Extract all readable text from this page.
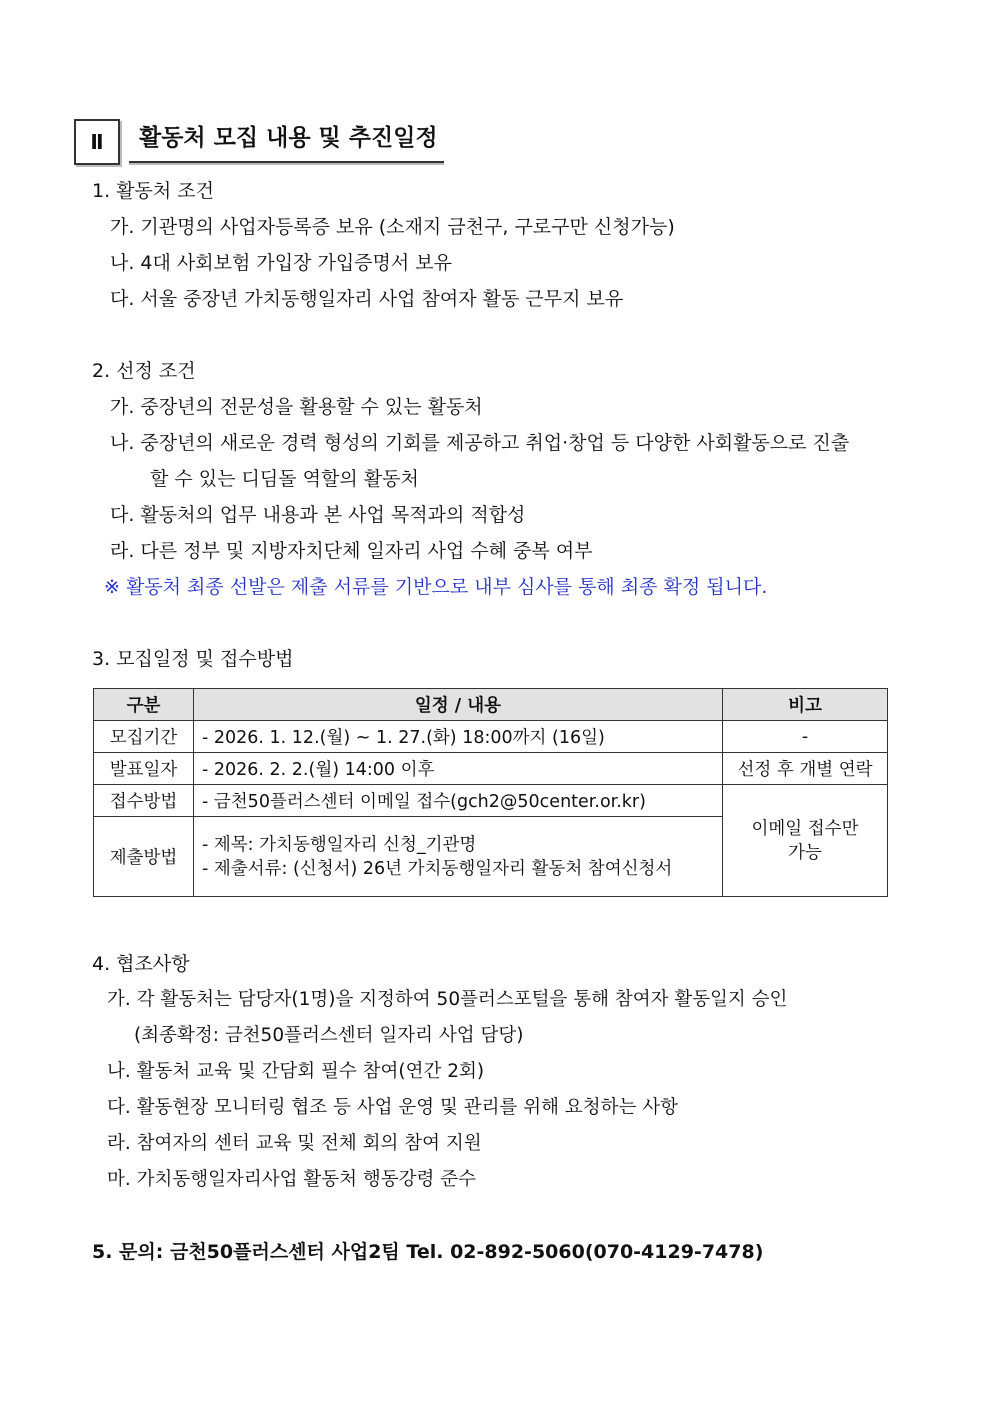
Ⅱ	활동처 모집 내용 및 추진일정
1. 활동처 조건
가. 기관명의 사업자등록증 보유 (소재지 금천구, 구로구만 신청가능)
나. 4대 사회보험 가입장 가입증명서 보유
다. 서울 중장년 가치동행일자리 사업 참여자 활동 근무지 보유
2. 선정 조건
가. 중장년의 전문성을 활용할 수 있는 활동처
나. 중장년의 새로운 경력 형성의 기회를 제공하고 취업·창업 등 다양한 사회활동으로 진출
할 수 있는 디딤돌 역할의 활동처
다. 활동처의 업무 내용과 본 사업 목적과의 적합성
라. 다른 정부 및 지방자치단체 일자리 사업 수혜 중복 여부
※ 활동처 최종 선발은 제출 서류를 기반으로 내부 심사를 통해 최종 확정 됩니다.
3. 모집일정 및 접수방법
구분	일정 / 내용	비고
모집기간	- 2026. 1. 12.(월) ~ 1. 27.(화) 18:00까지 (16일)	-
발표일자	- 2026. 2. 2.(월) 14:00 이후	선정 후 개별 연락
접수방법	- 금천50플러스센터 이메일 접수(gch2@50center.or.kr)	이메일 접수만
가능

제출방법	- 제목: 가치동행일자리 신청_기관명
- 제출서류: (신청서) 26년 가치동행일자리 활동처 참여신청서	
4. 협조사항
가. 각 활동처는 담당자(1명)을 지정하여 50플러스포털을 통해 참여자 활동일지 승인
(최종확정: 금천50플러스센터 일자리 사업 담당)
나. 활동처 교육 및 간담회 필수 참여(연간 2회)
다. 활동현장 모니터링 협조 등 사업 운영 및 관리를 위해 요청하는 사항
라. 참여자의 센터 교육 및 전체 회의 참여 지원
마. 가치동행일자리사업 활동처 행동강령 준수
5. 문의: 금천50플러스센터 사업2팀 Tel. 02-892-5060(070-4129-7478)
